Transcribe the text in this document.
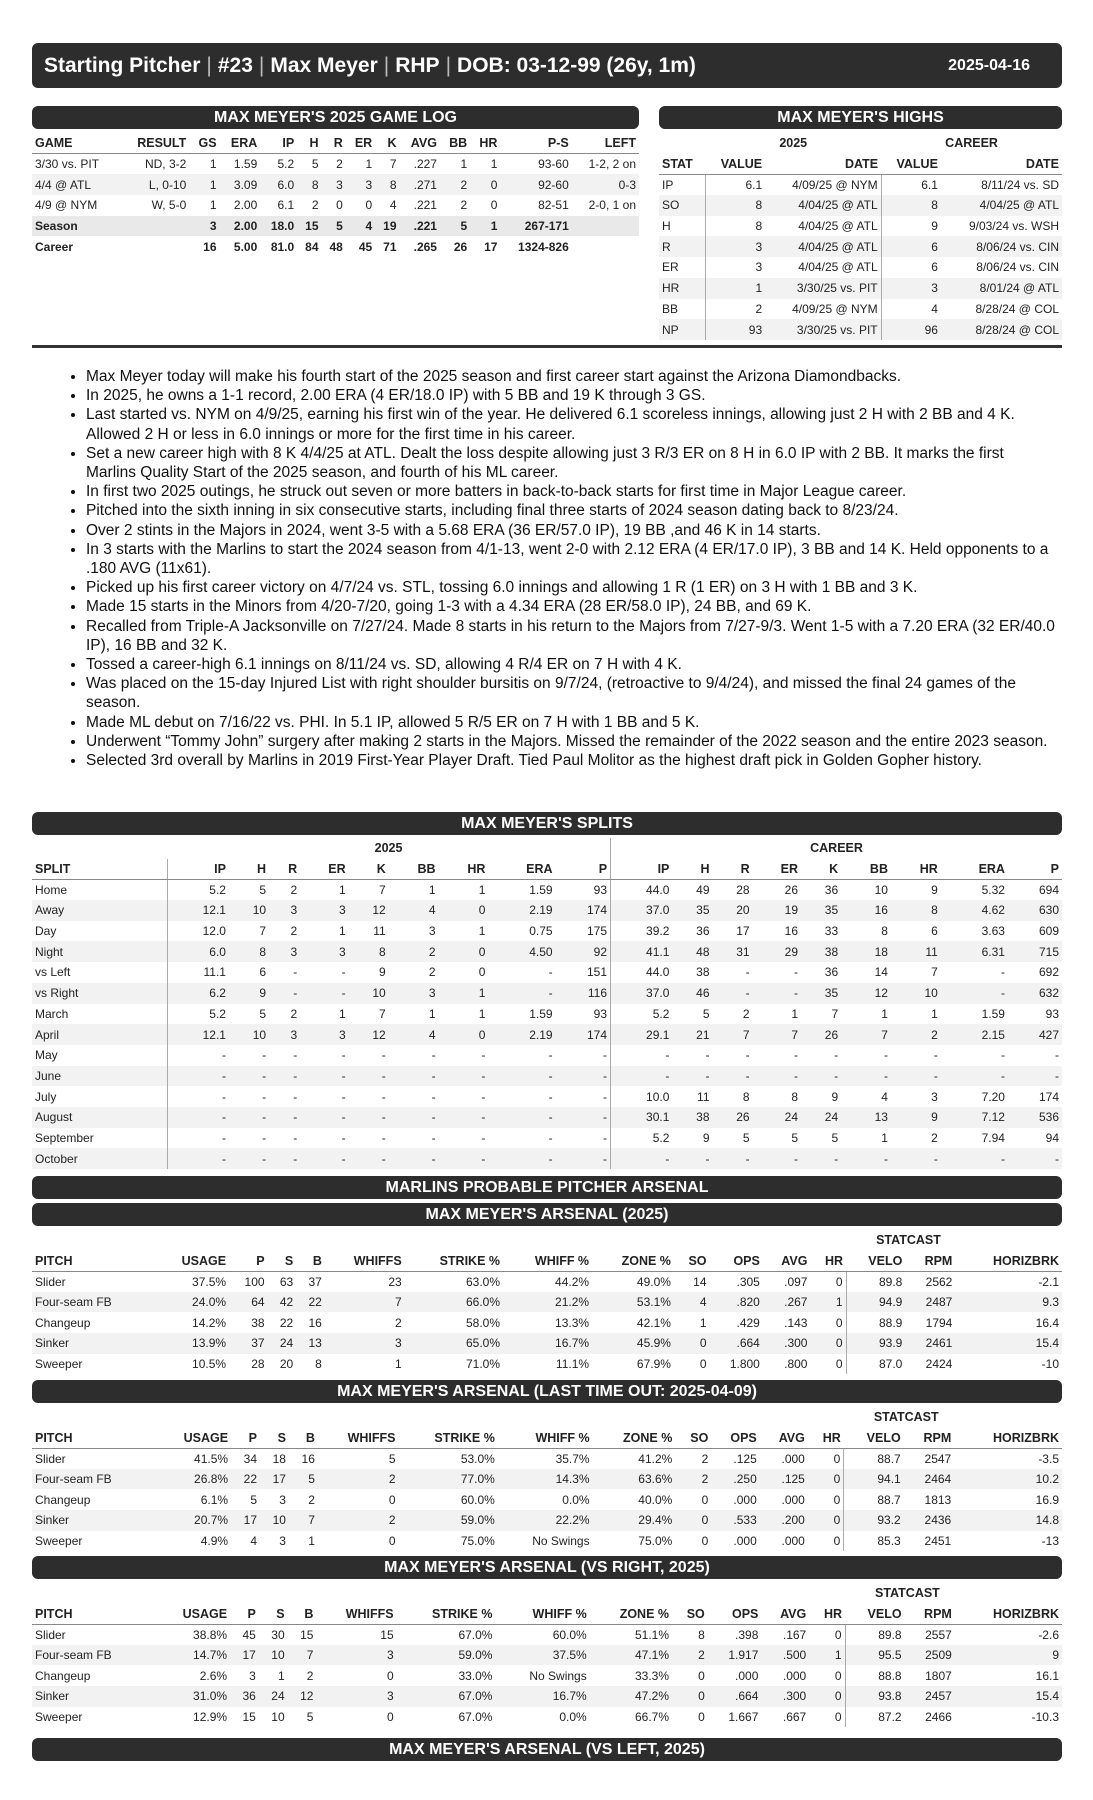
Starting Pitcher | #23 | Max Meyer | RHP | DOB: 03-12-99 (26y, 1m)	2025-04-16
MAX MEYER'S 2025 GAME LOG
GAME	RESULT	GS	ERA	IP	H	R	ER	K	AVG	BB	HR	P-S	LEFT
3/30 vs. PIT	ND, 3-2	1	1.59	5.2	5	2	1	7	.227	1	1	93-60	1-2, 2 on
4/4 @ ATL	L, 0-10	1	3.09	6.0	8	3	3	8	.271	2	0	92-60	0-3
4/9 @ NYM	W, 5-0	1	2.00	6.1	2	0	0	4	.221	2	0	82-51	2-0, 1 on
Season		3	2.00	18.0	15	5	4	19	.221	5	1	267-171	
Career		16	5.00	81.0	84	48	45	71	.265	26	17	1324-826	
MAX MEYER'S HIGHS
	2025		CAREER	
STAT	VALUE	DATE	VALUE	DATE
IP	6.1	4/09/25 @ NYM	6.1	8/11/24 vs. SD
SO	8	4/04/25 @ ATL	8	4/04/25 @ ATL
H	8	4/04/25 @ ATL	9	9/03/24 vs. WSH
R	3	4/04/25 @ ATL	6	8/06/24 vs. CIN
ER	3	4/04/25 @ ATL	6	8/06/24 vs. CIN
HR	1	3/30/25 vs. PIT	3	8/01/24 @ ATL
BB	2	4/09/25 @ NYM	4	8/28/24 @ COL
NP	93	3/30/25 vs. PIT	96	8/28/24 @ COL
• Max Meyer today will make his fourth start of the 2025 season and first career start against the Arizona Diamondbacks.
• In 2025, he owns a 1-1 record, 2.00 ERA (4 ER/18.0 IP) with 5 BB and 19 K through 3 GS.
• Last started vs. NYM on 4/9/25, earning his first win of the year. He delivered 6.1 scoreless innings, allowing just 2 H with 2 BB and 4 K. Allowed 2 H or less in 6.0 innings or more for the first time in his career.
• Set a new career high with 8 K 4/4/25 at ATL. Dealt the loss despite allowing just 3 R/3 ER on 8 H in 6.0 IP with 2 BB. It marks the first Marlins Quality Start of the 2025 season, and fourth of his ML career.
• In first two 2025 outings, he struck out seven or more batters in back-to-back starts for first time in Major League career.
• Pitched into the sixth inning in six consecutive starts, including final three starts of 2024 season dating back to 8/23/24.
• Over 2 stints in the Majors in 2024, went 3-5 with a 5.68 ERA (36 ER/57.0 IP), 19 BB ,and 46 K in 14 starts.
• In 3 starts with the Marlins to start the 2024 season from 4/1-13, went 2-0 with 2.12 ERA (4 ER/17.0 IP), 3 BB and 14 K. Held opponents to a .180 AVG (11x61).
• Picked up his first career victory on 4/7/24 vs. STL, tossing 6.0 innings and allowing 1 R (1 ER) on 3 H with 1 BB and 3 K.
• Made 15 starts in the Minors from 4/20-7/20, going 1-3 with a 4.34 ERA (28 ER/58.0 IP), 24 BB, and 69 K.
• Recalled from Triple-A Jacksonville on 7/27/24. Made 8 starts in his return to the Majors from 7/27-9/3. Went 1-5 with a 7.20 ERA (32 ER/40.0 IP), 16 BB and 32 K.
• Tossed a career-high 6.1 innings on 8/11/24 vs. SD, allowing 4 R/4 ER on 7 H with 4 K.
• Was placed on the 15-day Injured List with right shoulder bursitis on 9/7/24, (retroactive to 9/4/24), and missed the final 24 games of the season.
• Made ML debut on 7/16/22 vs. PHI. In 5.1 IP, allowed 5 R/5 ER on 7 H with 1 BB and 5 K.
• Underwent “Tommy John” surgery after making 2 starts in the Majors. Missed the remainder of the 2022 season and the entire 2023 season.
• Selected 3rd overall by Marlins in 2019 First-Year Player Draft. Tied Paul Molitor as the highest draft pick in Golden Gopher history.
MAX MEYER'S SPLITS
	2025									CAREER								
SPLIT	IP	H	R	ER	K	BB	HR	ERA	P	IP	H	R	ER	K	BB	HR	ERA	P
Home	5.2	5	2	1	7	1	1	1.59	93	44.0	49	28	26	36	10	9	5.32	694
Away	12.1	10	3	3	12	4	0	2.19	174	37.0	35	20	19	35	16	8	4.62	630
Day	12.0	7	2	1	11	3	1	0.75	175	39.2	36	17	16	33	8	6	3.63	609
Night	6.0	8	3	3	8	2	0	4.50	92	41.1	48	31	29	38	18	11	6.31	715
vs Left	11.1	6	-	-	9	2	0	-	151	44.0	38	-	-	36	14	7	-	692
vs Right	6.2	9	-	-	10	3	1	-	116	37.0	46	-	-	35	12	10	-	632
March	5.2	5	2	1	7	1	1	1.59	93	5.2	5	2	1	7	1	1	1.59	93
April	12.1	10	3	3	12	4	0	2.19	174	29.1	21	7	7	26	7	2	2.15	427
May	-	-	-	-	-	-	-	-	-	-	-	-	-	-	-	-	-	-
June	-	-	-	-	-	-	-	-	-	-	-	-	-	-	-	-	-	-
July	-	-	-	-	-	-	-	-	-	10.0	11	8	8	9	4	3	7.20	174
August	-	-	-	-	-	-	-	-	-	30.1	38	26	24	24	13	9	7.12	536
September	-	-	-	-	-	-	-	-	-	5.2	9	5	5	5	1	2	7.94	94
October	-	-	-	-	-	-	-	-	-	-	-	-	-	-	-	-	-	-
MARLINS PROBABLE PITCHER ARSENAL
MAX MEYER'S ARSENAL (2025)
													STATCAST		
PITCH	USAGE	P	S	B	WHIFFS	STRIKE %	WHIFF %	ZONE %	SO	OPS	AVG	HR	VELO	RPM	HORIZBRK
Slider	37.5%	100	63	37	23	63.0%	44.2%	49.0%	14	.305	.097	0	89.8	2562	-2.1
Four-seam FB	24.0%	64	42	22	7	66.0%	21.2%	53.1%	4	.820	.267	1	94.9	2487	9.3
Changeup	14.2%	38	22	16	2	58.0%	13.3%	42.1%	1	.429	.143	0	88.9	1794	16.4
Sinker	13.9%	37	24	13	3	65.0%	16.7%	45.9%	0	.664	.300	0	93.9	2461	15.4
Sweeper	10.5%	28	20	8	1	71.0%	11.1%	67.9%	0	1.800	.800	0	87.0	2424	-10
MAX MEYER'S ARSENAL (LAST TIME OUT: 2025-04-09)
													STATCAST		
PITCH	USAGE	P	S	B	WHIFFS	STRIKE %	WHIFF %	ZONE %	SO	OPS	AVG	HR	VELO	RPM	HORIZBRK
Slider	41.5%	34	18	16	5	53.0%	35.7%	41.2%	2	.125	.000	0	88.7	2547	-3.5
Four-seam FB	26.8%	22	17	5	2	77.0%	14.3%	63.6%	2	.250	.125	0	94.1	2464	10.2
Changeup	6.1%	5	3	2	0	60.0%	0.0%	40.0%	0	.000	.000	0	88.7	1813	16.9
Sinker	20.7%	17	10	7	2	59.0%	22.2%	29.4%	0	.533	.200	0	93.2	2436	14.8
Sweeper	4.9%	4	3	1	0	75.0%	No Swings	75.0%	0	.000	.000	0	85.3	2451	-13
MAX MEYER'S ARSENAL (VS RIGHT, 2025)
													STATCAST		
PITCH	USAGE	P	S	B	WHIFFS	STRIKE %	WHIFF %	ZONE %	SO	OPS	AVG	HR	VELO	RPM	HORIZBRK
Slider	38.8%	45	30	15	15	67.0%	60.0%	51.1%	8	.398	.167	0	89.8	2557	-2.6
Four-seam FB	14.7%	17	10	7	3	59.0%	37.5%	47.1%	2	1.917	.500	1	95.5	2509	9
Changeup	2.6%	3	1	2	0	33.0%	No Swings	33.3%	0	.000	.000	0	88.8	1807	16.1
Sinker	31.0%	36	24	12	3	67.0%	16.7%	47.2%	0	.664	.300	0	93.8	2457	15.4
Sweeper	12.9%	15	10	5	0	67.0%	0.0%	66.7%	0	1.667	.667	0	87.2	2466	-10.3
MAX MEYER'S ARSENAL (VS LEFT, 2025)
